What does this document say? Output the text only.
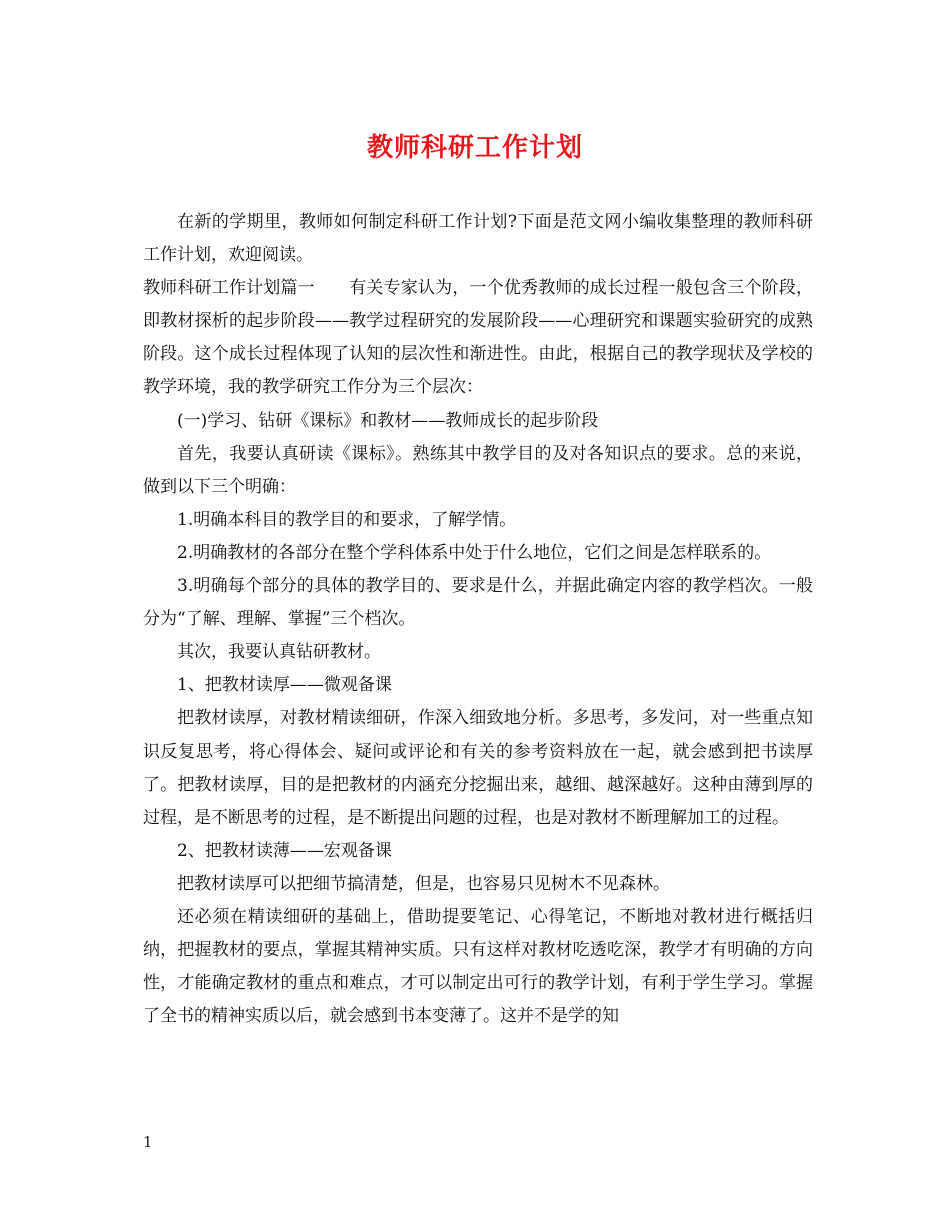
教师科研工作计划

在新的学期里，教师如何制定科研工作计划?下面是范文网小编收集整理的教师科研工作计划，欢迎阅读。

教师科研工作计划篇一　　有关专家认为，一个优秀教师的成长过程一般包含三个阶段，即教材探析的起步阶段——教学过程研究的发展阶段——心理研究和课题实验研究的成熟阶段。这个成长过程体现了认知的层次性和渐进性。由此，根据自己的教学现状及学校的教学环境，我的教学研究工作分为三个层次：

(一)学习、钻研《课标》和教材——教师成长的起步阶段

首先，我要认真研读《课标》。熟练其中教学目的及对各知识点的要求。总的来说，做到以下三个明确：

1.明确本科目的教学目的和要求，了解学情。

2.明确教材的各部分在整个学科体系中处于什么地位，它们之间是怎样联系的。

3.明确每个部分的具体的教学目的、要求是什么，并据此确定内容的教学档次。一般分为“了解、理解、掌握”三个档次。

其次，我要认真钻研教材。

1、把教材读厚——微观备课

把教材读厚，对教材精读细研，作深入细致地分析。多思考，多发问，对一些重点知识反复思考，将心得体会、疑问或评论和有关的参考资料放在一起，就会感到把书读厚了。把教材读厚，目的是把教材的内涵充分挖掘出来，越细、越深越好。这种由薄到厚的过程，是不断思考的过程，是不断提出问题的过程，也是对教材不断理解加工的过程。

2、把教材读薄——宏观备课

把教材读厚可以把细节搞清楚，但是，也容易只见树木不见森林。

还必须在精读细研的基础上，借助提要笔记、心得笔记，不断地对教材进行概括归纳，把握教材的要点，掌握其精神实质。只有这样对教材吃透吃深，教学才有明确的方向性，才能确定教材的重点和难点，才可以制定出可行的教学计划，有利于学生学习。掌握了全书的精神实质以后，就会感到书本变薄了。这并不是学的知

1
